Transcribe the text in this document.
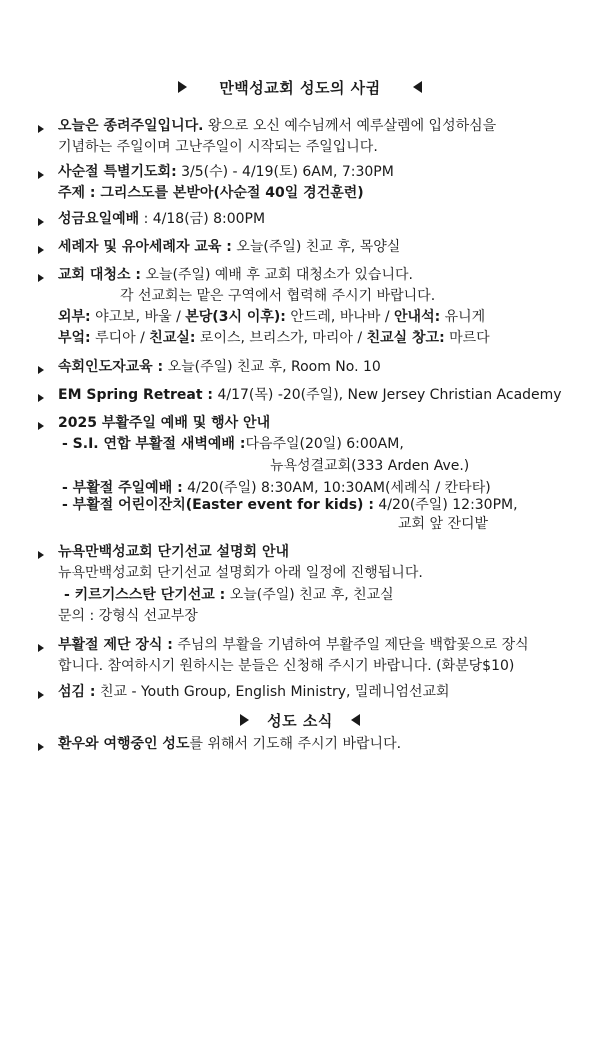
만백성교회 성도의 사귐
오늘은 종려주일입니다. 왕으로 오신 예수님께서 예루살렘에 입성하심을
기념하는 주일이며 고난주일이 시작되는 주일입니다.
사순절 특별기도회: 3/5(수) - 4/19(토) 6AM, 7:30PM
주제 : 그리스도를 본받아(사순절 40일 경건훈련)
성금요일예배 : 4/18(금) 8:00PM
세례자 및 유아세례자 교육 : 오늘(주일) 친교 후, 목양실
교회 대청소 : 오늘(주일) 예배 후 교회 대청소가 있습니다.
각 선교회는 맡은 구역에서 협력해 주시기 바랍니다.
외부: 야고보, 바울 / 본당(3시 이후): 안드레, 바나바 / 안내석: 유니게
부엌: 루디아 / 친교실: 로이스, 브리스가, 마리아 / 친교실 창고: 마르다
속회인도자교육 : 오늘(주일) 친교 후, Room No. 10
EM Spring Retreat : 4/17(목) -20(주일), New Jersey Christian Academy
2025 부활주일 예배 및 행사 안내
- S.I. 연합 부활절 새벽예배 :다음주일(20일) 6:00AM,
뉴욕성결교회(333 Arden Ave.)
- 부활절 주일예배 : 4/20(주일) 8:30AM, 10:30AM(세례식 / 칸타타)
- 부활절 어린이잔치(Easter event for kids) : 4/20(주일) 12:30PM,
교회 앞 잔디밭
뉴욕만백성교회 단기선교 설명회 안내
뉴욕만백성교회 단기선교 설명회가 아래 일정에 진행됩니다.
- 키르기스스탄 단기선교 : 오늘(주일) 친교 후, 친교실
문의 : 강형식 선교부장
부활절 제단 장식 : 주님의 부활을 기념하여 부활주일 제단을 백합꽃으로 장식
합니다. 참여하시기 원하시는 분들은 신청해 주시기 바랍니다. (화분당$10)
섬김 : 친교 - Youth Group, English Ministry, 밀레니엄선교회
성도 소식
환우와 여행중인 성도를 위해서 기도해 주시기 바랍니다.
